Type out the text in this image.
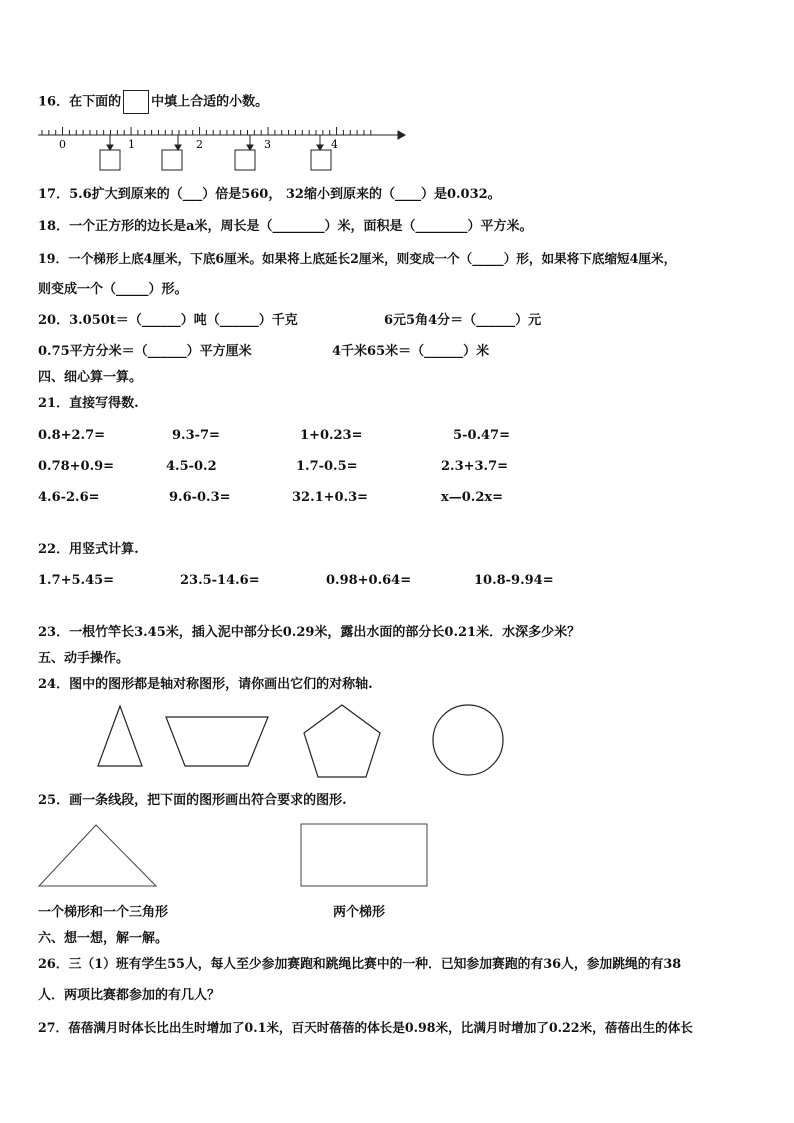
16．在下面的 中填上合适的小数。
0	1	2	3	4
17．5.6扩大到原来的（___）倍是560， 32缩小到原来的（____）是0.032。
18．一个正方形的边长是a米，周长是（________）米，面积是（________）平方米。
19．一个梯形上底4厘米，下底6厘米。如果将上底延长2厘米，则变成一个（_____）形，如果将下底缩短4厘米，
则变成一个（_____）形。
20．3.050t＝（______）吨（______）千克	6元5角4分＝（______）元
0.75平方分米＝（______）平方厘米	4千米65米＝（______）米
四、细心算一算。
21．直接写得数.
0.8+2.7=	9.3-7=	1+0.23=	5-0.47=
0.78+0.9=	4.5-0.2	1.7-0.5=	2.3+3.7=
4.6-2.6=	9.6-0.3=	32.1+0.3=	x—0.2x=
22．用竖式计算.
1.7+5.45=	23.5-14.6=	0.98+0.64=	10.8-9.94=
23．一根竹竿长3.45米，插入泥中部分长0.29米，露出水面的部分长0.21米．水深多少米？
五、动手操作。
24．图中的图形都是轴对称图形，请你画出它们的对称轴.
25．画一条线段，把下面的图形画出符合要求的图形.
一个梯形和一个三角形	两个梯形
六、想一想，解一解。
26．三（1）班有学生55人，每人至少参加赛跑和跳绳比赛中的一种．已知参加赛跑的有36人，参加跳绳的有38
人．两项比赛都参加的有几人？
27．蓓蓓满月时体长比出生时增加了0.1米，百天时蓓蓓的体长是0.98米，比满月时增加了0.22米，蓓蓓出生的体长
